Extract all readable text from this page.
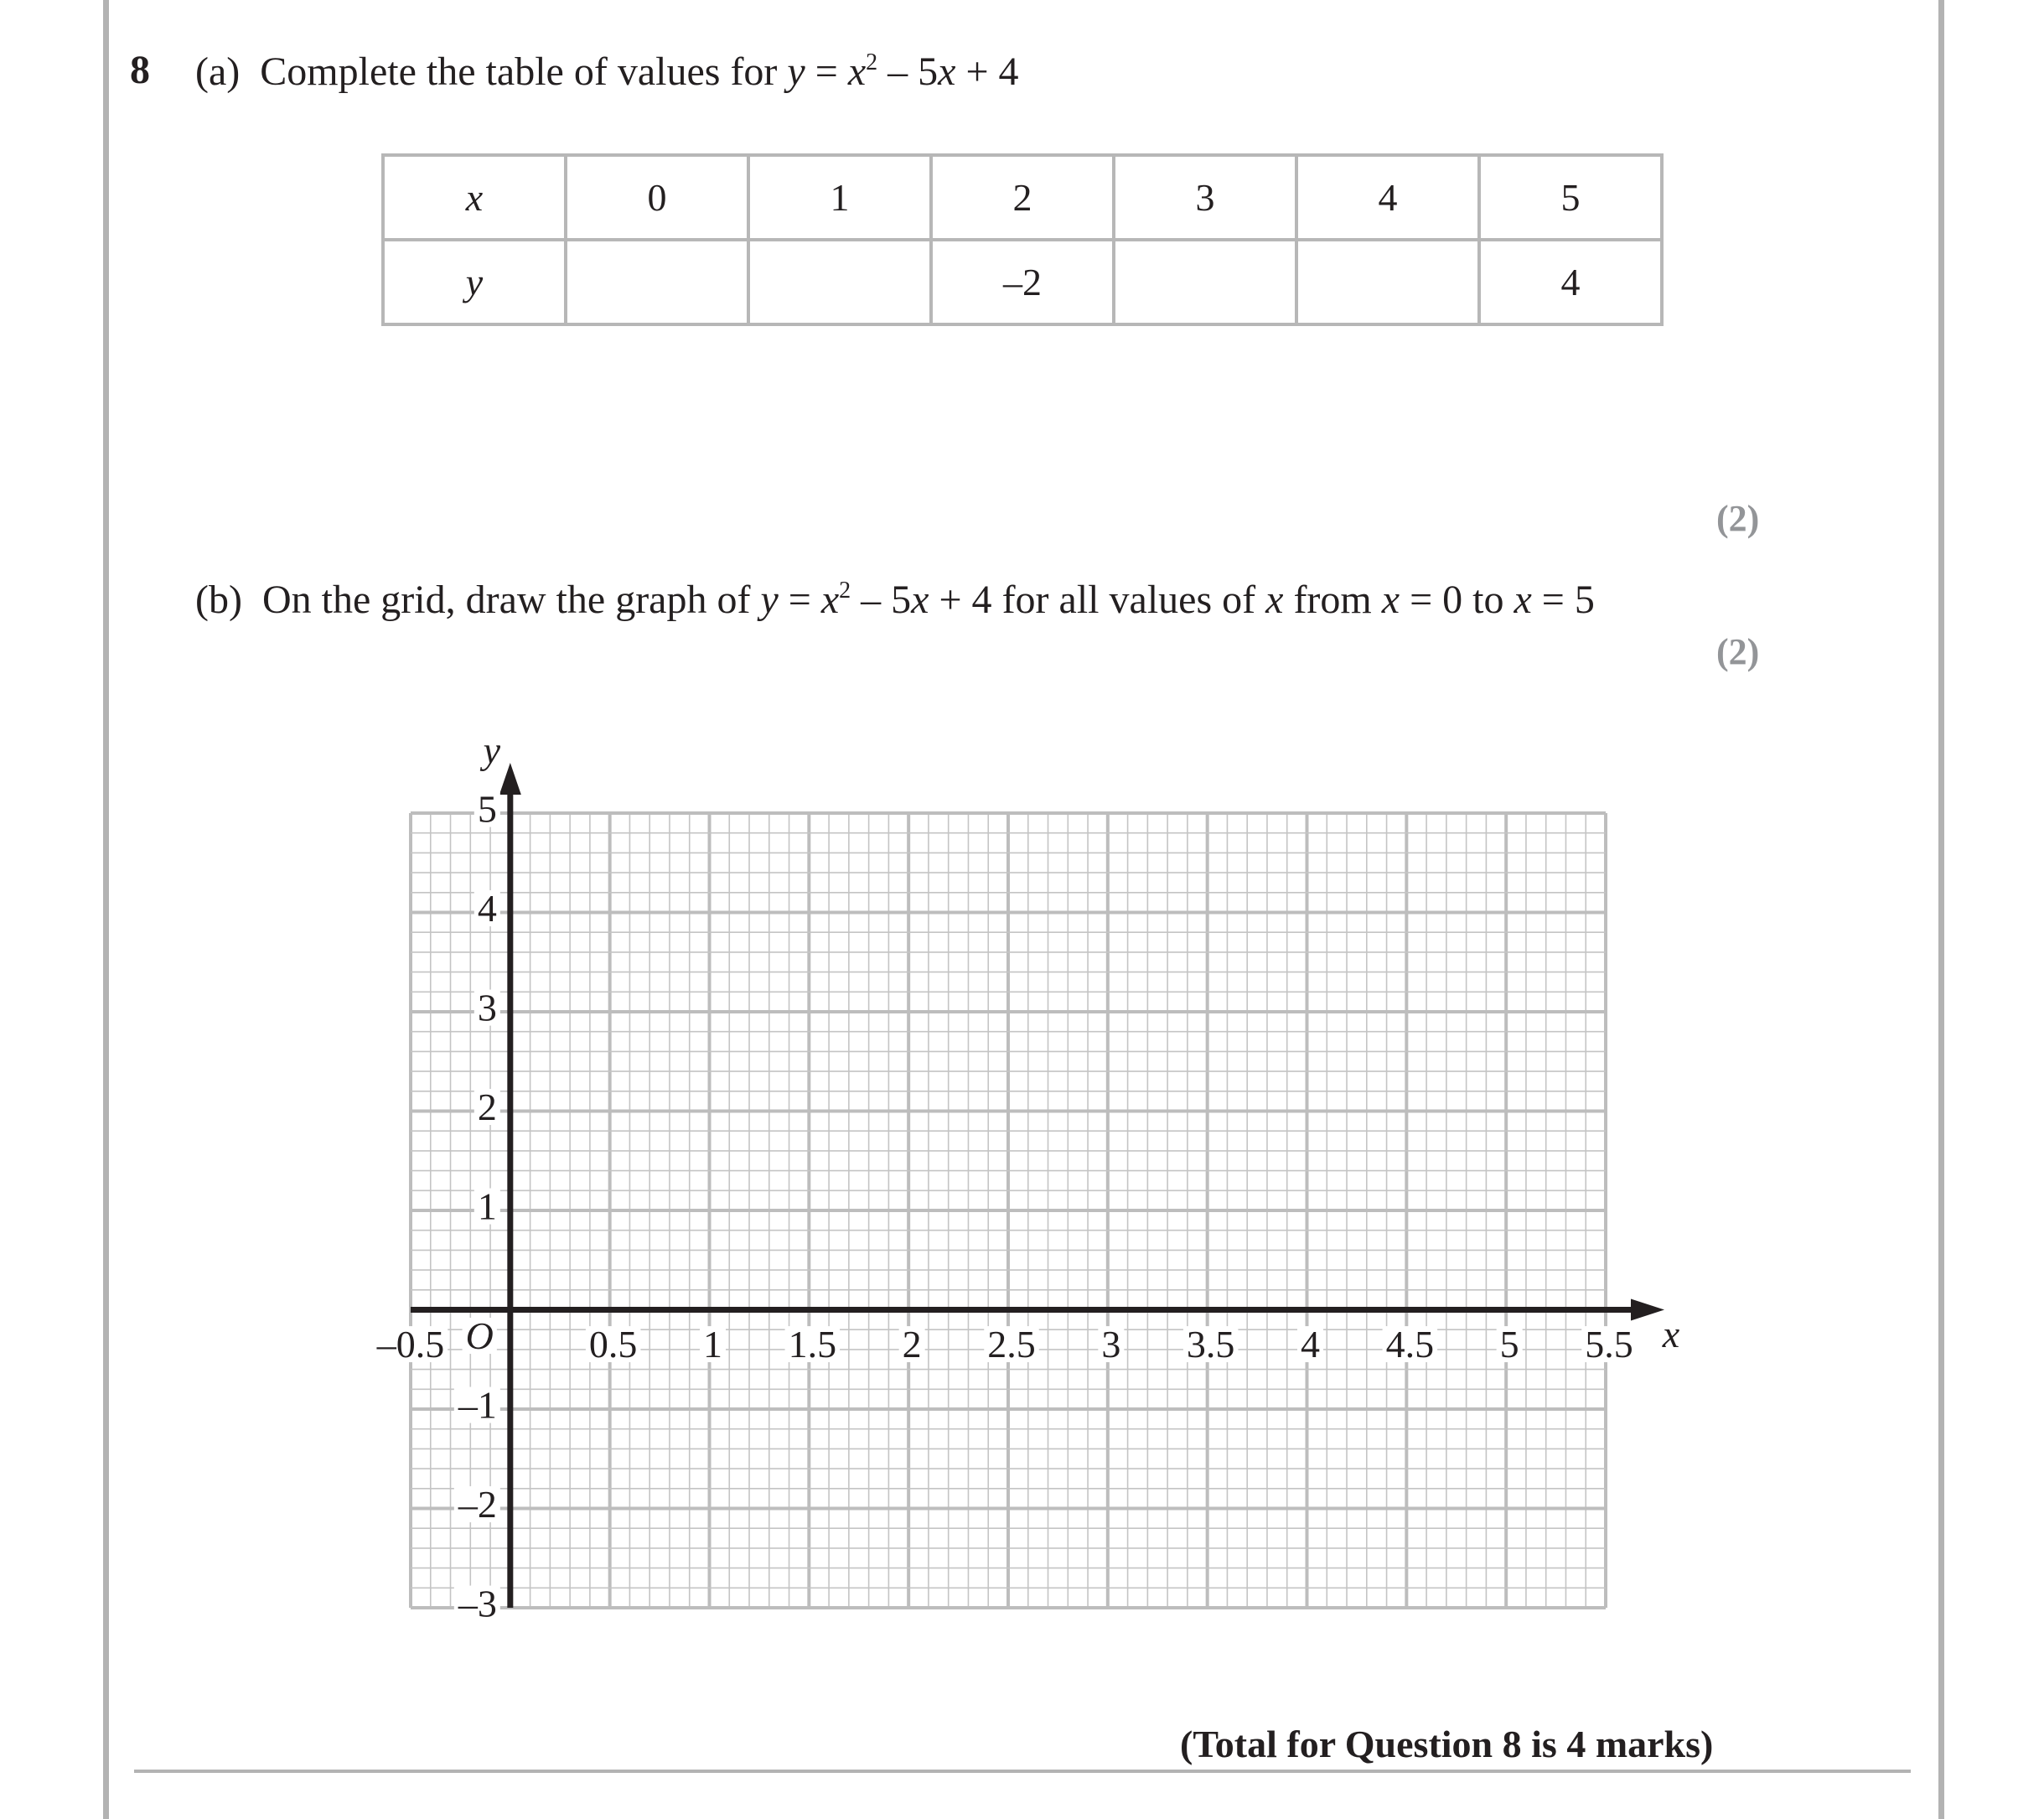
8 (a) Complete the table of values for $y = x^2 - 5x + 4$
x	0	1	2	3	4	5
y			–2			4
(2)
(b) On the grid, draw the graph of $y = x^2 - 5x + 4$ for all values of x from x = 0 to x = 5
(2)
–0.5	0.5 1 1.5 2 2.5 3 3.5 4 4.5 5 5.5
5
4
3
2
1
–1
–2
–3
O	x
y
(Total for Question 8 is 4 marks)
